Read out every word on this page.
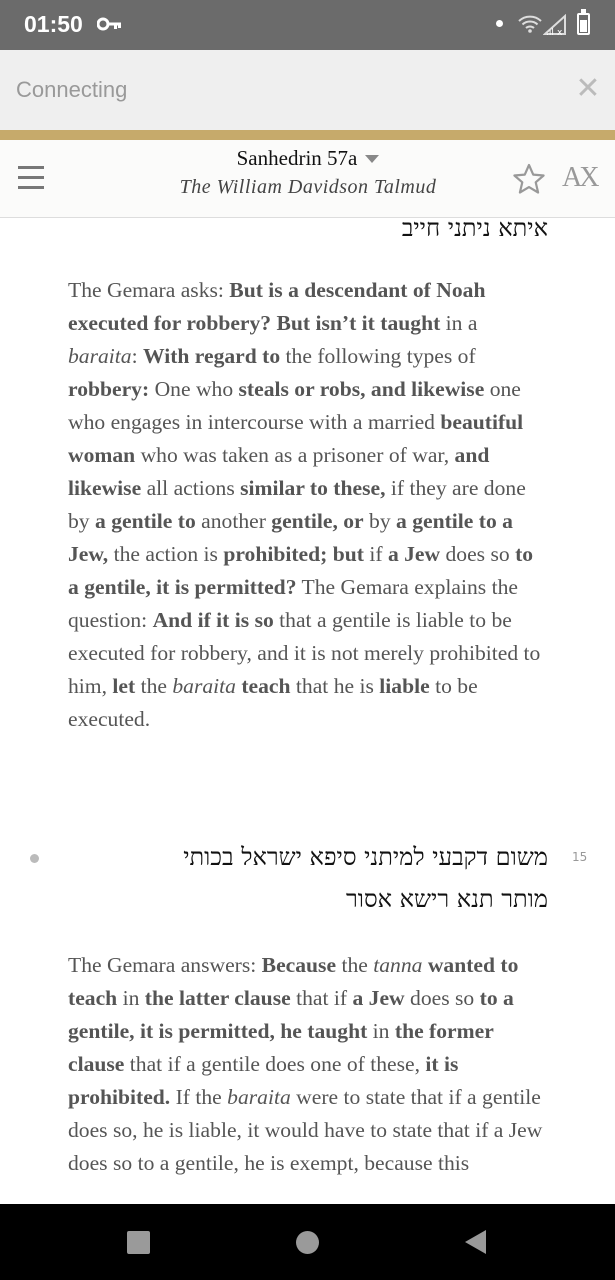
01:50	.ıl x
Connecting	✕
Sanhedrin 57a
The William Davidson Talmud	AX
איתא ניתני חייב
The Gemara asks: But is a descendant of Noah executed for robbery? But isn’t it taught in a baraita: With regard to the following types of robbery: One who steals or robs, and likewise one who engages in intercourse with a married beautiful woman who was taken as a prisoner of war, and likewise all actions similar to these, if they are done by a gentile to another gentile, or by a gentile to a Jew, the action is prohibited; but if a Jew does so to a gentile, it is permitted? The Gemara explains the question: And if it is so that a gentile is liable to be executed for robbery, and it is not merely prohibited to him, let the baraita teach that he is liable to be executed.
משום דקבעי למיתני סיפא ישראל בכותי
מותר תנא רישא אסור
15
The Gemara answers: Because the tanna wanted to teach in the latter clause that if a Jew does so to a gentile, it is permitted, he taught in the former clause that if a gentile does one of these, it is prohibited. If the baraita were to state that if a gentile does so, he is liable, it would have to state that if a Jew does so to a gentile, he is exempt, because this
